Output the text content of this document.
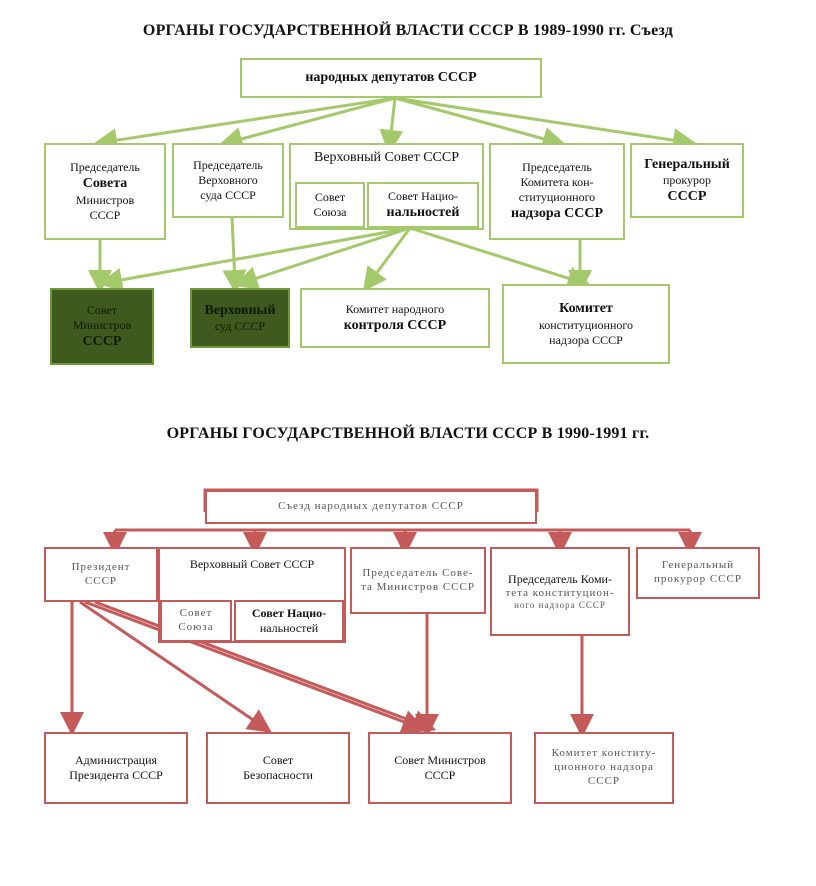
ОРГАНЫ ГОСУДАРСТВЕННОЙ ВЛАСТИ СССР В 1989-1990 гг. Съезд
народных депутатов СССР
Председатель
Совета
Министров
СССР
Председатель
Верховного
суда СССР
Верховный Совет СССР
Совет
Союза
Совет Нацио-
нальностей
Председатель
Комитета кон-
ституционного
надзора СССР
Генеральный
прокурор
СССР
Совет
Министров
СССР
Верховный
суд СССР
Комитет народного
контроля СССР
Комитет
конституционного
надзора СССР
ОРГАНЫ ГОСУДАРСТВЕННОЙ ВЛАСТИ СССР В 1990-1991 гг.
Съезд народных депутатов СССР
Президент
СССР
Верховный Совет СССР
Совет
Союза
Совет Нацио-
нальностей
Председатель Сове-
та Министров СССР
Председатель Коми-
тета конституцион-
ного надзора СССР
Генеральный
прокурор СССР
Администрация
Президента СССР
Совет
Безопасности
Совет Министров
СССР
Комитет конститу-
ционного надзора
СССР
